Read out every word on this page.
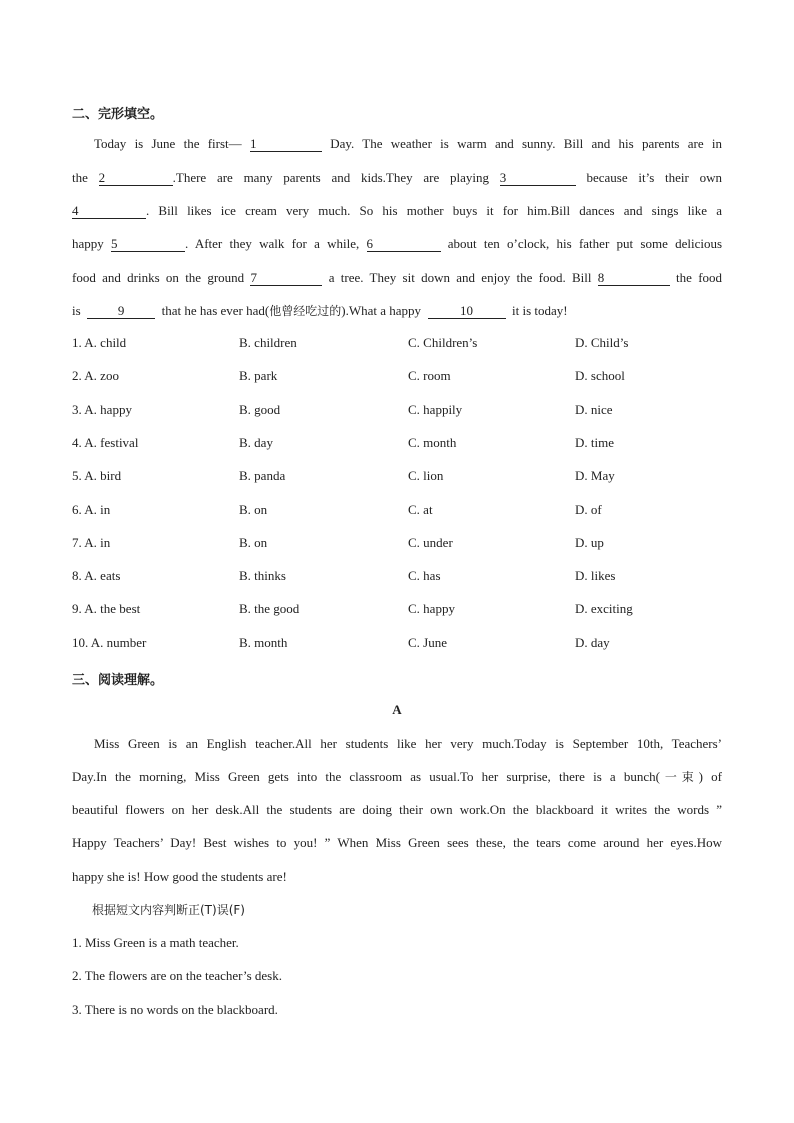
二、完形填空。
Today is June the first— 1	Day. The weather is warm and sunny. Bill and his parents are in
the 2	.There are many parents and kids.They are playing 3	because it’s their own
4	. Bill likes ice cream very much. So his mother buys it for him.Bill dances and sings like a
happy 5	. After they walk for a while, 6	about ten o’clock, his father put some delicious
food and drinks on the ground 7	a tree. They sit down and enjoy the food. Bill 8	the food
is	9	that he has ever had(他曾经吃过的).What a happy	10	it is today!
1. A. child	B. children	C. Children’s	D. Child’s
2. A. zoo	B. park	C. room	D. school
3. A. happy	B. good	C. happily	D. nice
4. A. festival	B. day	C. month	D. time
5. A. bird	B. panda	C. lion	D. May
6. A. in	B. on	C. at	D. of
7. A. in	B. on	C. under	D. up
8. A. eats	B. thinks	C. has	D. likes
9. A. the best	B. the good	C. happy	D. exciting
10. A. number	B. month	C. June	D. day
三、阅读理解。
A
Miss Green is an English teacher.All her students like her very much.Today is September 10th, Teachers’
Day.In the morning, Miss Green gets into the classroom as usual.To her surprise, there is a bunch(一束) of
beautiful flowers on her desk.All the students are doing their own work.On the blackboard it writes the words ”
Happy Teachers’ Day! Best wishes to you! ” When Miss Green sees these, the tears come around her eyes.How
happy she is! How good the students are!
根据短文内容判断正(T)误(F)
1. Miss Green is a math teacher.
2. The flowers are on the teacher’s desk.
3. There is no words on the blackboard.
